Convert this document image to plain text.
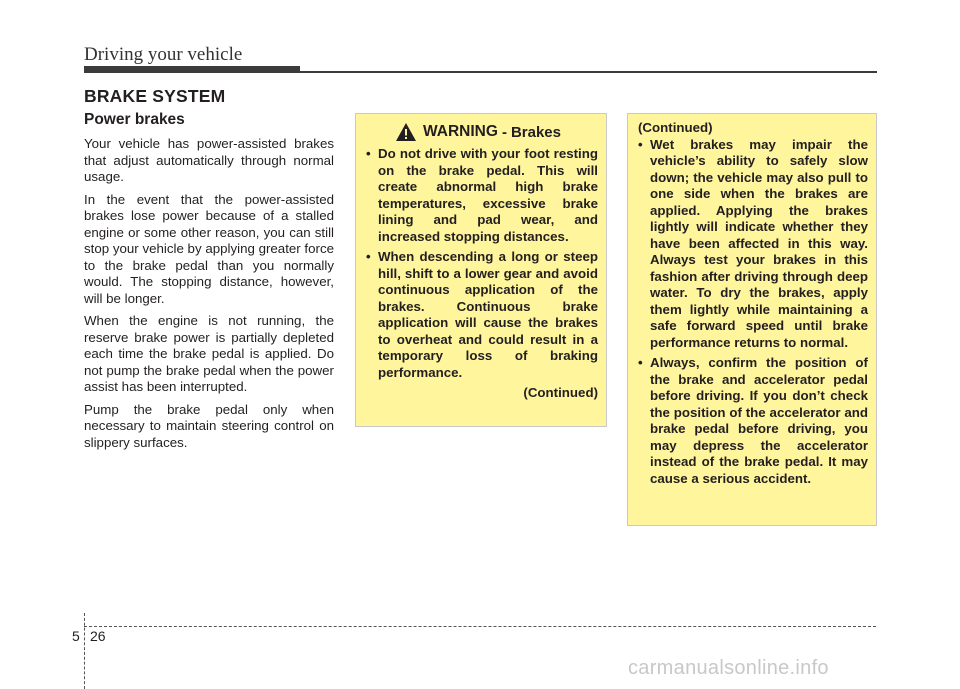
Driving your vehicle
BRAKE SYSTEM
Power brakes

Your vehicle has power-assisted brakes that adjust automatically through normal usage.

In the event that the power-assisted brakes lose power because of a stalled engine or some other reason, you can still stop your vehicle by applying greater force to the brake pedal than you normally would. The stopping distance, however, will be longer.

When the engine is not running, the reserve brake power is partially depleted each time the brake pedal is applied. Do not pump the brake pedal when the power assist has been interrupted.

Pump the brake pedal only when necessary to maintain steering control on slippery surfaces.

WARNING - Brakes
• Do not drive with your foot resting on the brake pedal. This will create abnormal high brake temperatures, excessive brake lining and pad wear, and increased stopping distances.
• When descending a long or steep hill, shift to a lower gear and avoid continuous application of the brakes. Continuous brake application will cause the brakes to overheat and could result in a temporary loss of braking performance.
(Continued)
(Continued)
• Wet brakes may impair the vehicle’s ability to safely slow down; the vehicle may also pull to one side when the brakes are applied. Applying the brakes lightly will indicate whether they have been affected in this way. Always test your brakes in this fashion after driving through deep water. To dry the brakes, apply them lightly while maintaining a safe forward speed until brake performance returns to normal.
• Always, confirm the position of the brake and accelerator pedal before driving. If you don’t check the position of the accelerator and brake pedal before driving, you may depress the accelerator instead of the brake pedal. It may cause a serious accident.
5 26
carmanualsonline.info
